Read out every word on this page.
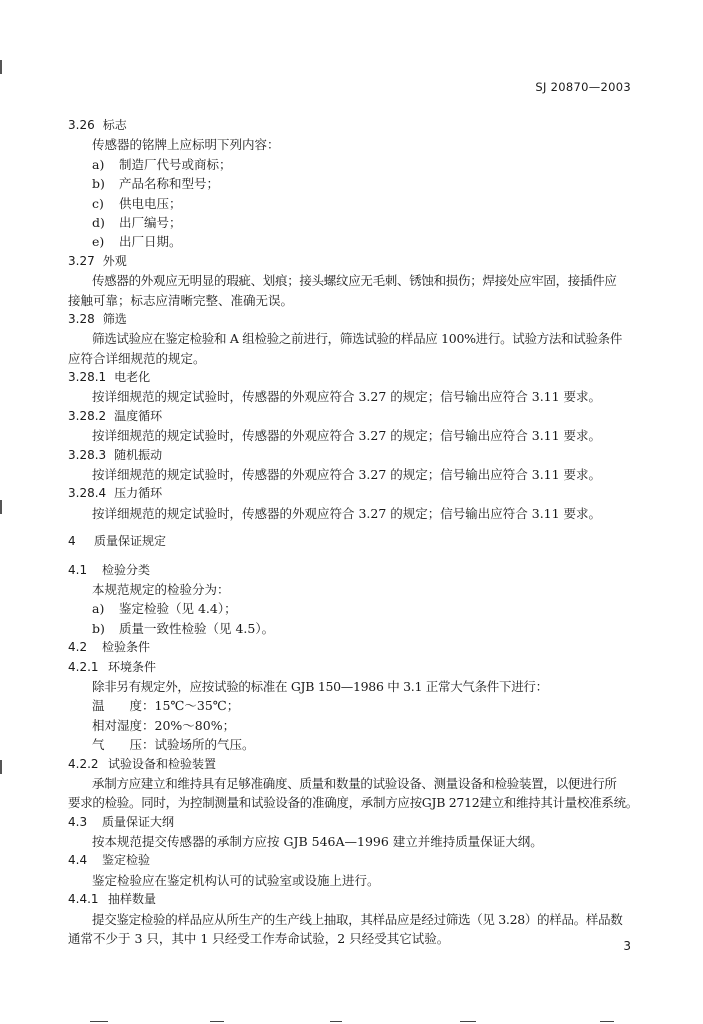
SJ 20870—2003
3.26 标志
传感器的铭牌上应标明下列内容：
a) 制造厂代号或商标；
b) 产品名称和型号；
c) 供电电压；
d) 出厂编号；
e) 出厂日期。
3.27 外观
传感器的外观应无明显的瑕疵、划痕；接头螺纹应无毛刺、锈蚀和损伤；焊接处应牢固，接插件应
接触可靠；标志应清晰完整、准确无误。
3.28 筛选
筛选试验应在鉴定检验和 A 组检验之前进行，筛选试验的样品应 100%进行。试验方法和试验条件
应符合详细规范的规定。
3.28.1 电老化
按详细规范的规定试验时，传感器的外观应符合 3.27 的规定；信号输出应符合 3.11 要求。
3.28.2 温度循环
按详细规范的规定试验时，传感器的外观应符合 3.27 的规定；信号输出应符合 3.11 要求。
3.28.3 随机振动
按详细规范的规定试验时，传感器的外观应符合 3.27 的规定；信号输出应符合 3.11 要求。
3.28.4 压力循环
按详细规范的规定试验时，传感器的外观应符合 3.27 的规定；信号输出应符合 3.11 要求。
4 质量保证规定
4.1 检验分类
本规范规定的检验分为：
a) 鉴定检验（见 4.4）；
b) 质量一致性检验（见 4.5）。
4.2 检验条件
4.2.1 环境条件
除非另有规定外，应按试验的标准在 GJB 150—1986 中 3.1 正常大气条件下进行：
温　　度：15℃～35℃；
相对湿度：20%～80%；
气　　压：试验场所的气压。
4.2.2 试验设备和检验装置
承制方应建立和维持具有足够准确度、质量和数量的试验设备、测量设备和检验装置，以便进行所
要求的检验。同时，为控制测量和试验设备的准确度，承制方应按GJB 2712建立和维持其计量校准系统。
4.3 质量保证大纲
按本规范提交传感器的承制方应按 GJB 546A—1996 建立并维持质量保证大纲。
4.4 鉴定检验
鉴定检验应在鉴定机构认可的试验室或设施上进行。
4.4.1 抽样数量
提交鉴定检验的样品应从所生产的生产线上抽取，其样品应是经过筛选（见 3.28）的样品。样品数
通常不少于 3 只，其中 1 只经受工作寿命试验，2 只经受其它试验。	3
